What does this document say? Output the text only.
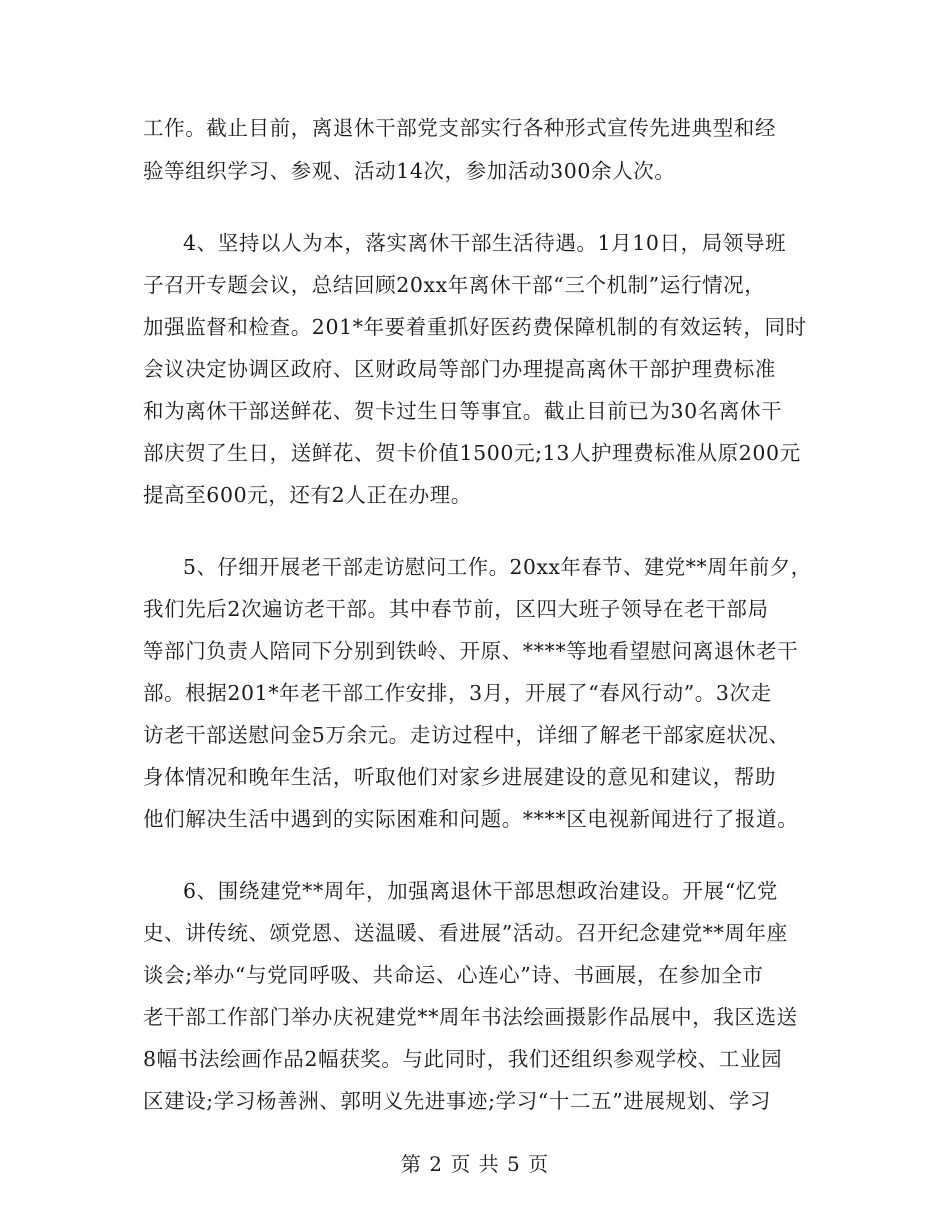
工作。截止目前，离退休干部党支部实行各种形式宣传先进典型和经
验等组织学习、参观、活动14次，参加活动300余人次。
4、坚持以人为本，落实离休干部生活待遇。1月10日，局领导班
子召开专题会议，总结回顾20xx年离休干部“三个机制”运行情况，
加强监督和检查。201*年要着重抓好医药费保障机制的有效运转，同时
会议决定协调区政府、区财政局等部门办理提高离休干部护理费标准
和为离休干部送鲜花、贺卡过生日等事宜。截止目前已为30名离休干
部庆贺了生日，送鲜花、贺卡价值1500元;13人护理费标准从原200元
提高至600元，还有2人正在办理。
5、仔细开展老干部走访慰问工作。20xx年春节、建党**周年前夕，
我们先后2次遍访老干部。其中春节前，区四大班子领导在老干部局
等部门负责人陪同下分别到铁岭、开原、****等地看望慰问离退休老干
部。根据201*年老干部工作安排，3月，开展了“春风行动”。3次走
访老干部送慰问金5万余元。走访过程中，详细了解老干部家庭状况、
身体情况和晚年生活，听取他们对家乡进展建设的意见和建议，帮助
他们解决生活中遇到的实际困难和问题。****区电视新闻进行了报道。
6、围绕建党**周年，加强离退休干部思想政治建设。开展“忆党
史、讲传统、颂党恩、送温暖、看进展”活动。召开纪念建党**周年座
谈会;举办“与党同呼吸、共命运、心连心”诗、书画展，在参加全市
老干部工作部门举办庆祝建党**周年书法绘画摄影作品展中，我区选送
8幅书法绘画作品2幅获奖。与此同时，我们还组织参观学校、工业园
区建设;学习杨善洲、郭明义先进事迹;学习“十二五”进展规划、学习
第 2 页 共 5 页
